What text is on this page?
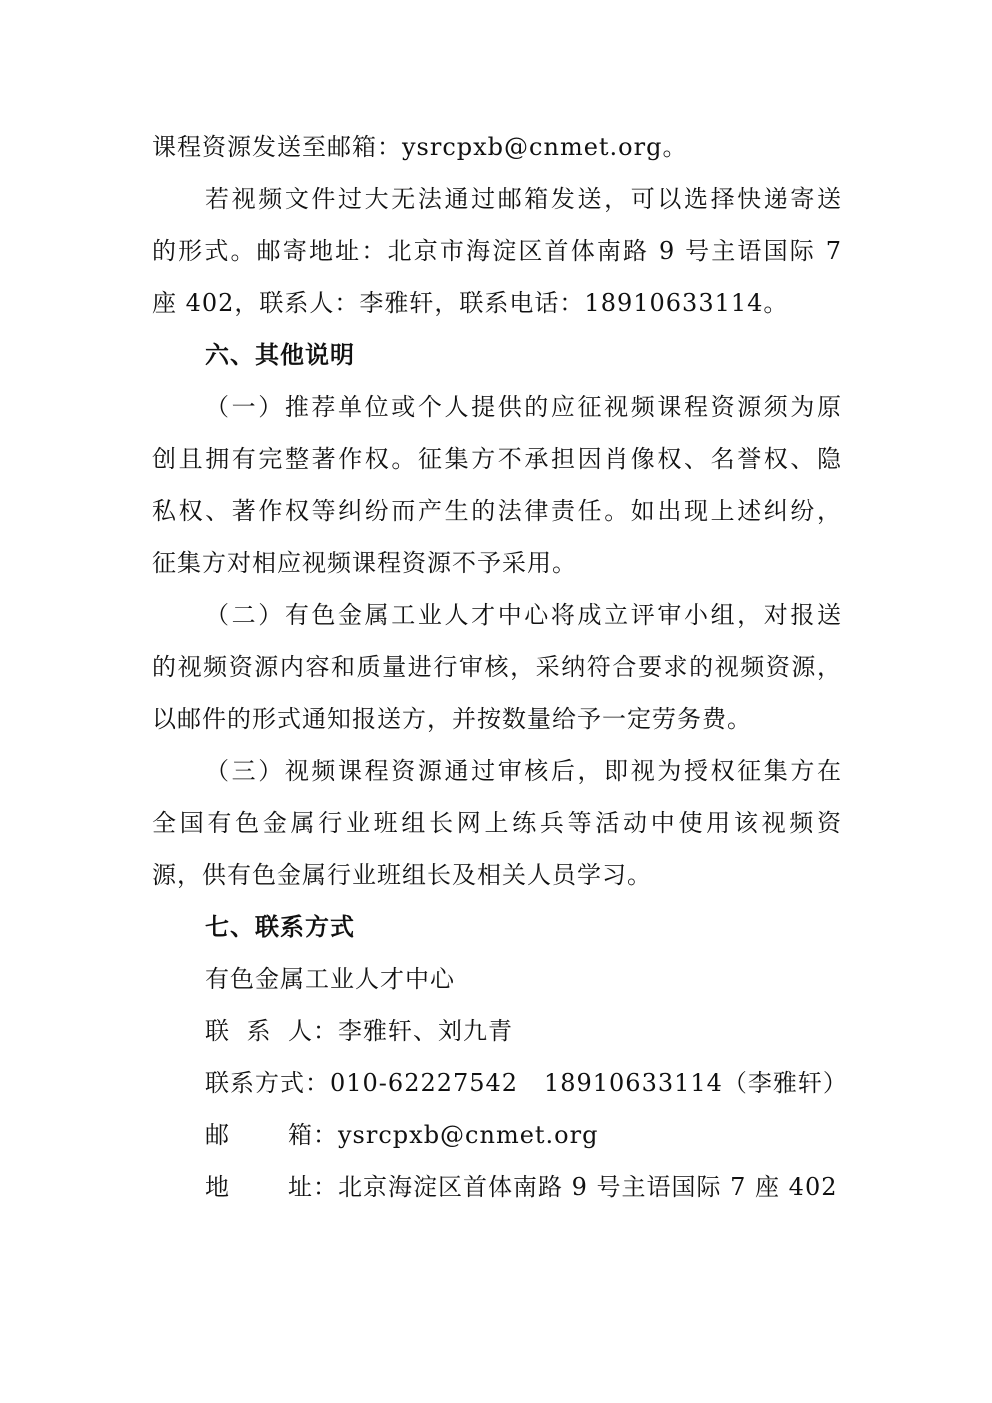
课程资源发送至邮箱：ysrcpxb@cnmet.org。
若视频文件过大无法通过邮箱发送，可以选择快递寄送
的形式。邮寄地址：北京市海淀区首体南路 9 号主语国际 7
座 402，联系人：李雅轩，联系电话：18910633114。
六、其他说明
（一）推荐单位或个人提供的应征视频课程资源须为原
创且拥有完整著作权。征集方不承担因肖像权、名誉权、隐
私权、著作权等纠纷而产生的法律责任。如出现上述纠纷，
征集方对相应视频课程资源不予采用。
（二）有色金属工业人才中心将成立评审小组，对报送
的视频资源内容和质量进行审核，采纳符合要求的视频资源，
以邮件的形式通知报送方，并按数量给予一定劳务费。
（三）视频课程资源通过审核后，即视为授权征集方在
全国有色金属行业班组长网上练兵等活动中使用该视频资
源，供有色金属行业班组长及相关人员学习。
七、联系方式
有色金属工业人才中心
联 系 人 ： 李雅轩、刘九青
联系方式 ： 010-62227542   18910633114（李雅轩）
邮 箱 ： ysrcpxb@cnmet.org
地 址 ： 北京海淀区首体南路 9 号主语国际 7 座 402
